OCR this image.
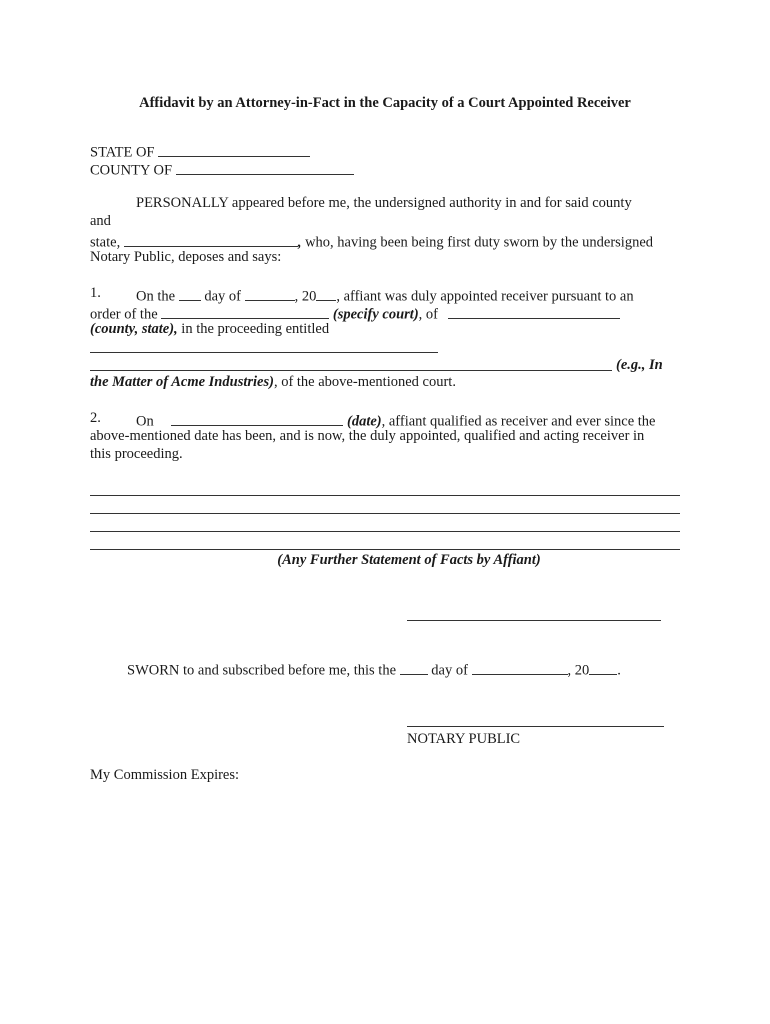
Affidavit by an Attorney-in-Fact in the Capacity of a Court Appointed Receiver
STATE OF
COUNTY OF
PERSONALLY appeared before me, the undersigned authority in and for said county
and
state,	, who, having been being first duty sworn by the undersigned
Notary Public, deposes and says:
1. On the day of	, 20 , affiant was duly appointed receiver pursuant to an
order of the	(specify court), of
(county, state), in the proceeding entitled
(e.g., In
the Matter of Acme Industries), of the above-mentioned court.
2. On	(date), affiant qualified as receiver and ever since the
above-mentioned date has been, and is now, the duly appointed, qualified and acting receiver in
this proceeding.
(Any Further Statement of Facts by Affiant)
SWORN to and subscribed before me, this the day of	, 20 .
NOTARY PUBLIC
My Commission Expires:
